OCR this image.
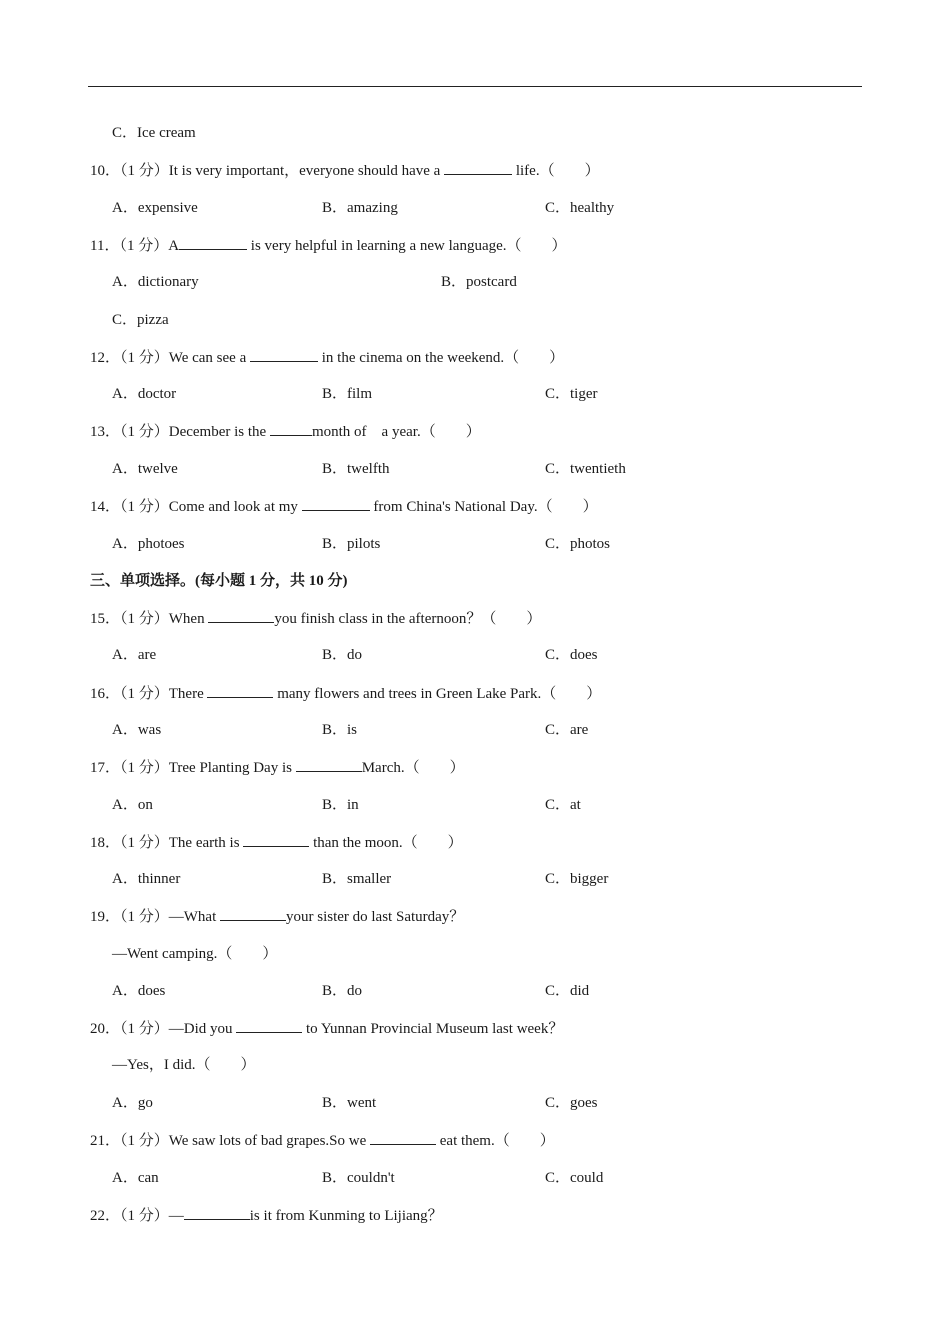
C．Ice cream
10．（1 分）It is very important，everyone should have a	life.（　　）
A．expensive	B．amazing	C．healthy
11．（1 分）A	is very helpful in learning a new language.（　　）
A．dictionary	B．postcard
C．pizza
12．（1 分）We can see a	in the cinema on the weekend.（　　）
A．doctor	B．film	C．tiger
13．（1 分）December is the	month of　a year.（　　）
A．twelve	B．twelfth	C．twentieth
14．（1 分）Come and look at my	from China's National Day.（　　）
A．photoes	B．pilots	C．photos
三、单项选择。(每小题 1 分，共 10 分)
15．（1 分）When	you finish class in the afternoon？（　　）
A．are	B．do	C．does
16．（1 分）There	many flowers and trees in Green Lake Park.（　　）
A．was	B．is	C．are
17．（1 分）Tree Planting Day is	March.（　　）
A．on	B．in	C．at
18．（1 分）The earth is	than the moon.（　　）
A．thinner	B．smaller	C．bigger
19．（1 分）—What	your sister do last Saturday？
—Went camping.（　　）
A．does	B．do	C．did
20．（1 分）—Did you	to Yunnan Provincial Museum last week？
—Yes，I did.（　　）
A．go	B．went	C．goes
21．（1 分）We saw lots of bad grapes.So we	eat them.（　　）
A．can	B．couldn't	C．could
22．（1 分）—	is it from Kunming to Lijiang？
